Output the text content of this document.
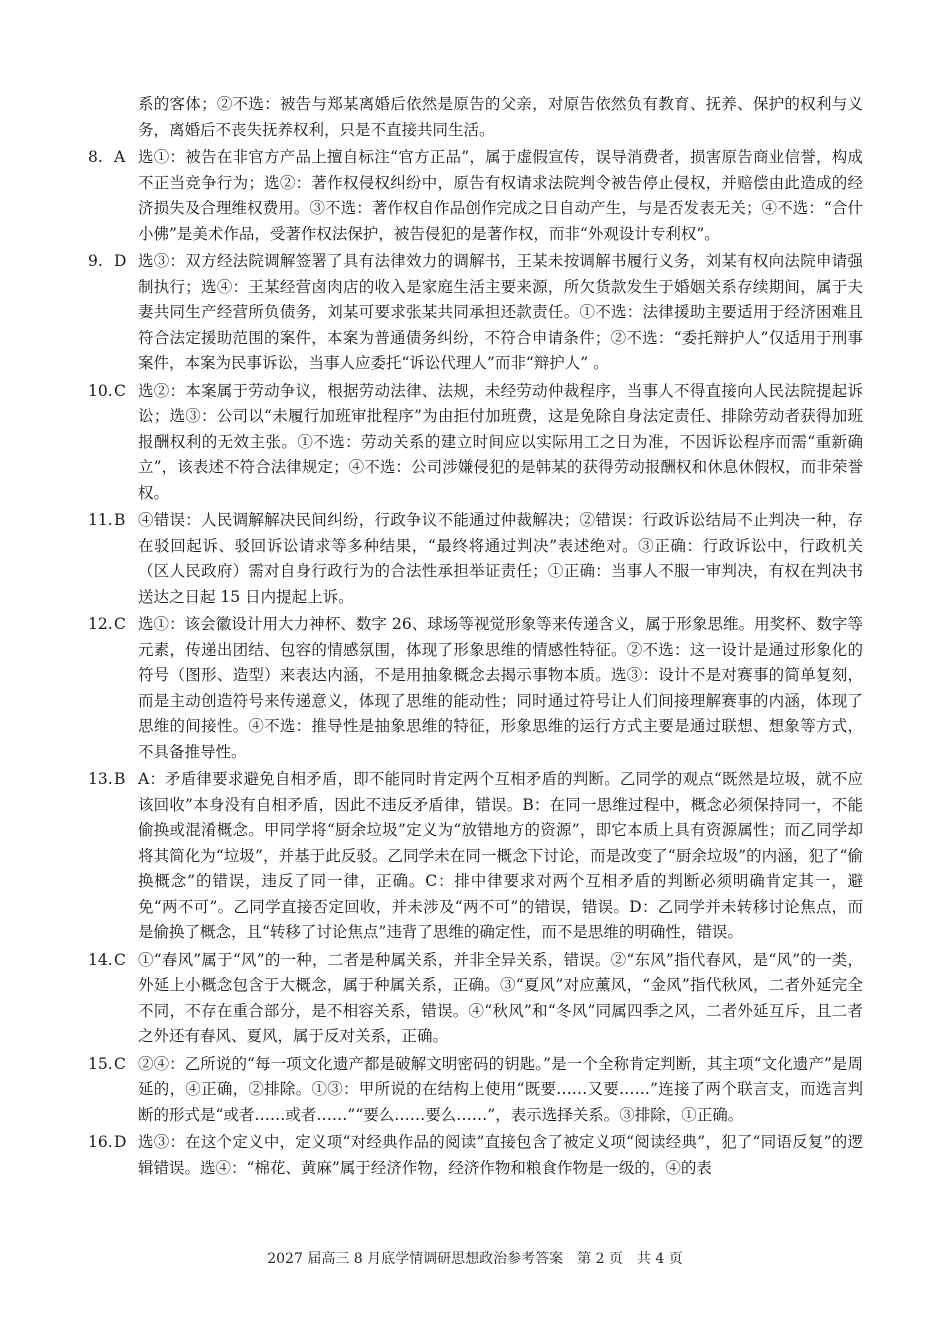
系的客体；②不选：被告与郑某离婚后依然是原告的父亲，对原告依然负有教育、抚养、保护的权利与义务，离婚后不丧失抚养权利，只是不直接共同生活。

8. A 选①：被告在非官方产品上擅自标注“官方正品”，属于虚假宣传，误导消费者，损害原告商业信誉，构成不正当竞争行为；选②：著作权侵权纠纷中，原告有权请求法院判令被告停止侵权，并赔偿由此造成的经济损失及合理维权费用。③不选：著作权自作品创作完成之日自动产生，与是否发表无关；④不选：“合什小佛”是美术作品，受著作权法保护，被告侵犯的是著作权，而非“外观设计专利权”。
9. D 选③：双方经法院调解签署了具有法律效力的调解书，王某未按调解书履行义务，刘某有权向法院申请强制执行；选④：王某经营卤肉店的收入是家庭生活主要来源，所欠货款发生于婚姻关系存续期间，属于夫妻共同生产经营所负债务，刘某可要求张某共同承担还款责任。①不选：法律援助主要适用于经济困难且符合法定援助范围的案件，本案为普通债务纠纷，不符合申请条件；②不选：“委托辩护人”仅适用于刑事案件，本案为民事诉讼，当事人应委托“诉讼代理人”而非“辩护人” 。
10. C 选②：本案属于劳动争议，根据劳动法律、法规，未经劳动仲裁程序，当事人不得直接向人民法院提起诉讼；选③：公司以“未履行加班审批程序”为由拒付加班费，这是免除自身法定责任、排除劳动者获得加班报酬权利的无效主张。①不选：劳动关系的建立时间应以实际用工之日为准，不因诉讼程序而需“重新确立”，该表述不符合法律规定；④不选：公司涉嫌侵犯的是韩某的获得劳动报酬权和休息休假权，而非荣誉权。
11. B ④错误：人民调解解决民间纠纷，行政争议不能通过仲裁解决；②错误：行政诉讼结局不止判决一种，存在驳回起诉、驳回诉讼请求等多种结果，“最终将通过判决”表述绝对。③正确：行政诉讼中，行政机关（区人民政府）需对自身行政行为的合法性承担举证责任；①正确：当事人不服一审判决，有权在判决书送达之日起 15 日内提起上诉。
12. C 选①：该会徽设计用大力神杯、数字 26、球场等视觉形象等来传递含义，属于形象思维。用奖杯、数字等元素，传递出团结、包容的情感氛围，体现了形象思维的情感性特征。②不选：这一设计是通过形象化的符号（图形、造型）来表达内涵，不是用抽象概念去揭示事物本质。选③：设计不是对赛事的简单复刻，而是主动创造符号来传递意义，体现了思维的能动性；同时通过符号让人们间接理解赛事的内涵，体现了思维的间接性。④不选：推导性是抽象思维的特征，形象思维的运行方式主要是通过联想、想象等方式，不具备推导性。
13. B A：矛盾律要求避免自相矛盾，即不能同时肯定两个互相矛盾的判断。乙同学的观点“既然是垃圾，就不应该回收”本身没有自相矛盾，因此不违反矛盾律，错误。B：在同一思维过程中，概念必须保持同一，不能偷换或混淆概念。甲同学将“厨余垃圾”定义为“放错地方的资源”，即它本质上具有资源属性；而乙同学却将其简化为“垃圾”，并基于此反驳。乙同学未在同一概念下讨论，而是改变了“厨余垃圾”的内涵，犯了“偷换概念”的错误，违反了同一律，正确。C：排中律要求对两个互相矛盾的判断必须明确肯定其一，避免“两不可”。乙同学直接否定回收，并未涉及“两不可”的错误，错误。D：乙同学并未转移讨论焦点，而是偷换了概念，且“转移了讨论焦点”违背了思维的确定性，而不是思维的明确性，错误。
14. C ①“春风”属于“风”的一种，二者是种属关系，并非全异关系，错误。②“东风”指代春风，是“风”的一类，外延上小概念包含于大概念，属于种属关系，正确。③“夏风”对应薰风，“金风”指代秋风，二者外延完全不同，不存在重合部分，是不相容关系，错误。④“秋风”和“冬风”同属四季之风，二者外延互斥，且二者之外还有春风、夏风，属于反对关系，正确。
15. C ②④：乙所说的“每一项文化遗产都是破解文明密码的钥匙。”是一个全称肯定判断，其主项“文化遗产”是周延的，④正确，②排除。①③：甲所说的在结构上使用“既要……又要……”连接了两个联言支，而选言判断的形式是“或者……或者……”“要么……要么……”，表示选择关系。③排除，①正确。
16. D 选③：在这个定义中，定义项“对经典作品的阅读”直接包含了被定义项“阅读经典”，犯了“同语反复”的逻辑错误。选④：“棉花、黄麻”属于经济作物，经济作物和粮食作物是一级的，④的表
2027 届高三 8 月底学情调研思想政治参考答案　第 2 页　共 4 页
